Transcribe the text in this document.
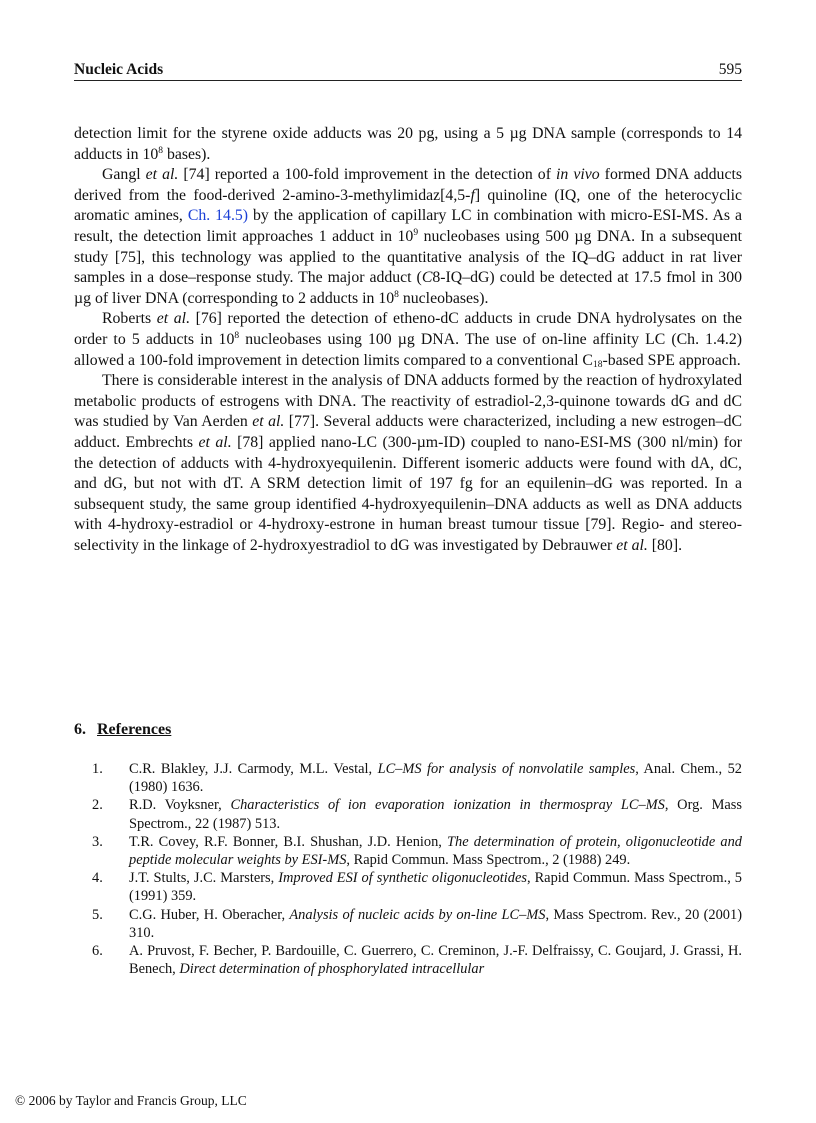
Nucleic Acids	595

detection limit for the styrene oxide adducts was 20 pg, using a 5 µg DNA sample (corresponds to 14 adducts in $10^8$ bases).

Gangl et al. [74] reported a 100-fold improvement in the detection of in vivo formed DNA adducts derived from the food-derived 2-amino-3-methylimidaz[4,5-f] quinoline (IQ, one of the heterocyclic aromatic amines, Ch. 14.5) by the application of capillary LC in combination with micro-ESI-MS. As a result, the detection limit approaches 1 adduct in $10^9$ nucleobases using 500 µg DNA. In a subsequent study [75], this technology was applied to the quantitative analysis of the IQ–dG adduct in rat liver samples in a dose–response study. The major adduct (C8-IQ–dG) could be detected at 17.5 fmol in 300 µg of liver DNA (corresponding to 2 adducts in $10^8$ nucleobases).

Roberts et al. [76] reported the detection of etheno-dC adducts in crude DNA hydrolysates on the order to 5 adducts in $10^8$ nucleobases using 100 µg DNA. The use of on-line affinity LC (Ch. 1.4.2) allowed a 100-fold improvement in detection limits compared to a conventional $C_{18}$-based SPE approach.

There is considerable interest in the analysis of DNA adducts formed by the reaction of hydroxylated metabolic products of estrogens with DNA. The reactivity of estradiol-2,3-quinone towards dG and dC was studied by Van Aerden et al. [77]. Several adducts were characterized, including a new estrogen–dC adduct. Embrechts et al. [78] applied nano-LC (300-µm-ID) coupled to nano-ESI-MS (300 nl/min) for the detection of adducts with 4-hydroxyequilenin. Different isomeric adducts were found with dA, dC, and dG, but not with dT. A SRM detection limit of 197 fg for an equilenin–dG was reported. In a subsequent study, the same group identified 4-hydroxyequilenin–DNA adducts as well as DNA adducts with 4-hydroxy-estradiol or 4-hydroxy-estrone in human breast tumour tissue [79]. Regio- and stereo-selectivity in the linkage of 2-hydroxyestradiol to dG was investigated by Debrauwer et al. [80].

6. References
1. C.R. Blakley, J.J. Carmody, M.L. Vestal, LC–MS for analysis of nonvolatile samples, Anal. Chem., 52 (1980) 1636.
2. R.D. Voyksner, Characteristics of ion evaporation ionization in thermospray LC–MS, Org. Mass Spectrom., 22 (1987) 513.
3. T.R. Covey, R.F. Bonner, B.I. Shushan, J.D. Henion, The determination of protein, oligonucleotide and peptide molecular weights by ESI-MS, Rapid Commun. Mass Spectrom., 2 (1988) 249.
4. J.T. Stults, J.C. Marsters, Improved ESI of synthetic oligonucleotides, Rapid Commun. Mass Spectrom., 5 (1991) 359.
5. C.G. Huber, H. Oberacher, Analysis of nucleic acids by on-line LC–MS, Mass Spectrom. Rev., 20 (2001) 310.
6. A. Pruvost, F. Becher, P. Bardouille, C. Guerrero, C. Creminon, J.-F. Delfraissy, C. Goujard, J. Grassi, H. Benech, Direct determination of phosphorylated intracellular
© 2006 by Taylor and Francis Group, LLC
